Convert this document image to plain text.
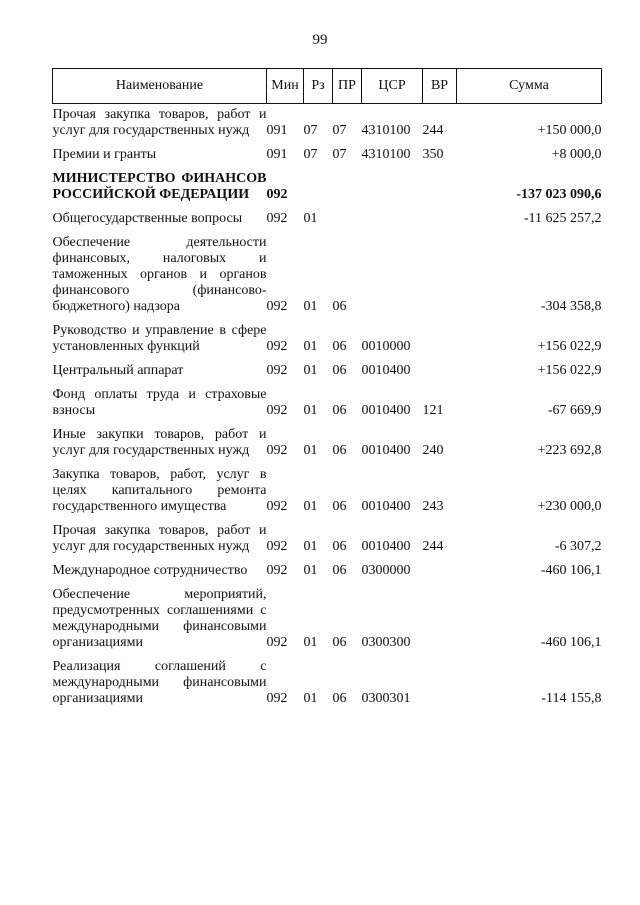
99
Наименование	Мин	Рз	ПР	ЦСР	ВР	Сумма
Прочая закупка товаров, работ и услуг для государственных нужд	091	07	07	4310100	244	+150 000,0
Премии и гранты	091	07	07	4310100	350	+8 000,0
МИНИСТЕРСТВО ФИНАНСОВ РОССИЙСКОЙ ФЕДЕРАЦИИ	092					-137 023 090,6
Общегосударственные вопросы	092	01				-11 625 257,2
Обеспечение деятельности финансовых, налоговых и таможенных органов и органов финансового (финансово-бюджетного) надзора	092	01	06			-304 358,8
Руководство и управление в сфере установленных функций	092	01	06	0010000		+156 022,9
Центральный аппарат	092	01	06	0010400		+156 022,9
Фонд оплаты труда и страховые взносы	092	01	06	0010400	121	-67 669,9
Иные закупки товаров, работ и услуг для государственных нужд	092	01	06	0010400	240	+223 692,8
Закупка товаров, работ, услуг в целях капитального ремонта государственного имущества	092	01	06	0010400	243	+230 000,0
Прочая закупка товаров, работ и услуг для государственных нужд	092	01	06	0010400	244	-6 307,2
Международное сотрудничество	092	01	06	0300000		-460 106,1
Обеспечение мероприятий, предусмотренных соглашениями с международными финансовыми организациями	092	01	06	0300300		-460 106,1
Реализация соглашений с международными финансовыми организациями	092	01	06	0300301		-114 155,8
